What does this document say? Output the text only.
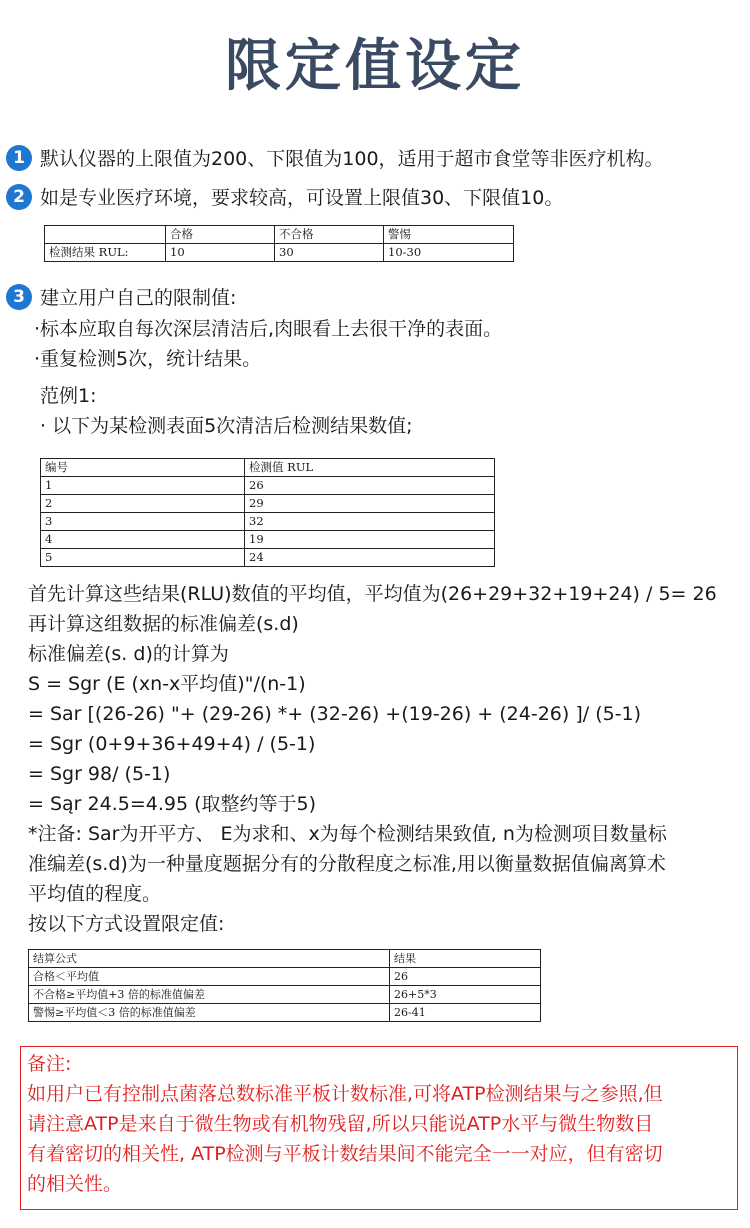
限定值设定
1 默认仪器的上限值为200、下限值为100，适用于超市食堂等非医疗机构。
2 如是专业医疗环境，要求较高，可设置上限值30、下限值10。
	合格	不合格	警惕
检测结果 RUL:	10	30	10-30
3 建立用户自己的限制值:
·标本应取自每次深层清洁后,肉眼看上去很干净的表面。
·重复检测5次，统计结果。
范例1:
· 以下为某检测表面5次清洁后检测结果数值;
编号	检测值 RUL
1	26
2	29
3	32
4	19
5	24
首先计算这些结果(RLU)数值的平均值，平均值为(26+29+32+19+24) / 5= 26
再计算这组数据的标准偏差(s.d)
标准偏差(s. d)的计算为
S = Sgr (E (xn-x平均值)"/(n-1)
= Sar [(26-26) "+ (29-26) *+ (32-26) +(19-26) + (24-26) ]/ (5-1)
= Sgr (0+9+36+49+4) / (5-1)
= Sgr 98/ (5-1)
= Sąr 24.5=4.95 (取整约等于5)
*注备: Sar为开平方、 E为求和、x为每个检测结果致值, n为检测项目数量标
准编差(s.d)为一种量度题据分有的分散程度之标准,用以衡量数据值偏离算术
平均值的程度。
按以下方式设置限定值:
结算公式	结果
合格＜平均值	26
不合格≥平均值+3 倍的标准值偏差	26+5*3
警惕≥平均值＜3 倍的标准值偏差	26-41
备注:
如用户已有控制点菌落总数标准平板计数标准,可将ATP检测结果与之参照,但
请注意ATP是来自于微生物或有机物残留,所以只能说ATP水平与微生物数目
有着密切的相关性, ATP检测与平板计数结果间不能完全一一对应，但有密切
的相关性。
